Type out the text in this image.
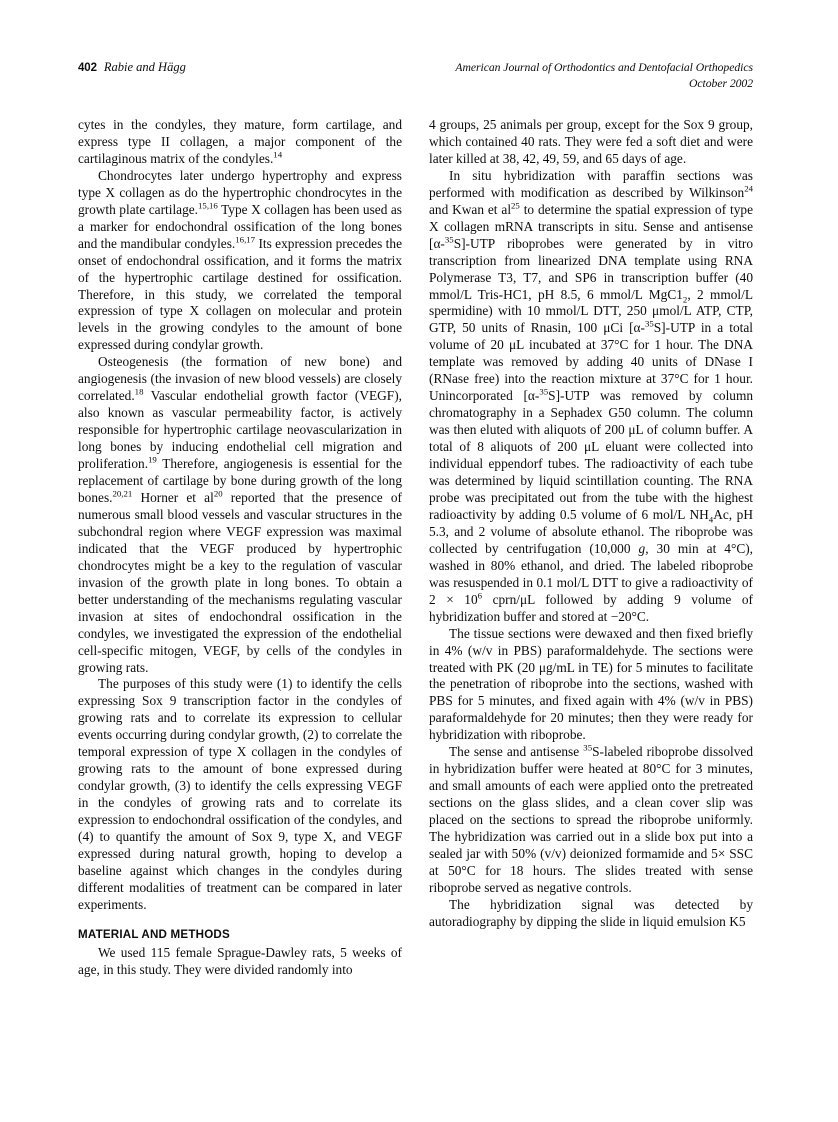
402 Rabie and Hägg	American Journal of Orthodontics and Dentofacial Orthopedics
October 2002

cytes in the condyles, they mature, form cartilage, and express type II collagen, a major component of the cartilaginous matrix of the condyles.$^{14}$

Chondrocytes later undergo hypertrophy and express type X collagen as do the hypertrophic chondrocytes in the growth plate cartilage.$^{15,16}$ Type X collagen has been used as a marker for endochondral ossification of the long bones and the mandibular condyles.$^{16,17}$ Its expression precedes the onset of endochondral ossification, and it forms the matrix of the hypertrophic cartilage destined for ossification. Therefore, in this study, we correlated the temporal expression of type X collagen on molecular and protein levels in the growing condyles to the amount of bone expressed during condylar growth.

Osteogenesis (the formation of new bone) and angiogenesis (the invasion of new blood vessels) are closely correlated.$^{18}$ Vascular endothelial growth factor (VEGF), also known as vascular permeability factor, is actively responsible for hypertrophic cartilage neovascularization in long bones by inducing endothelial cell migration and proliferation.$^{19}$ Therefore, angiogenesis is essential for the replacement of cartilage by bone during growth of the long bones.$^{20,21}$ Horner et $al^{20}$ reported that the presence of numerous small blood vessels and vascular structures in the subchondral region where VEGF expression was maximal indicated that the VEGF produced by hypertrophic chondrocytes might be a key to the regulation of vascular invasion of the growth plate in long bones. To obtain a better understanding of the mechanisms regulating vascular invasion at sites of endochondral ossification in the condyles, we investigated the expression of the endothelial cell-specific mitogen, VEGF, by cells of the condyles in growing rats.

The purposes of this study were (1) to identify the cells expressing Sox 9 transcription factor in the condyles of growing rats and to correlate its expression to cellular events occurring during condylar growth, (2) to correlate the temporal expression of type X collagen in the condyles of growing rats to the amount of bone expressed during condylar growth, (3) to identify the cells expressing VEGF in the condyles of growing rats and to correlate its expression to endochondral ossification of the condyles, and (4) to quantify the amount of Sox 9, type X, and VEGF expressed during natural growth, hoping to develop a baseline against which changes in the condyles during different modalities of treatment can be compared in later experiments.

MATERIAL AND METHODS

We used 115 female Sprague-Dawley rats, 5 weeks of age, in this study. They were divided randomly into

4 groups, 25 animals per group, except for the Sox 9 group, which contained 40 rats. They were fed a soft diet and were later killed at 38, 42, 49, 59, and 65 days of age.

In situ hybridization with paraffin sections was performed with modification as described by Wilkinson$^{24}$ and Kwan et $al^{25}$ to determine the spatial expression of type X collagen mRNA transcripts in situ. Sense and antisense [α-$^{35}$S]-UTP riboprobes were generated by in vitro transcription from linearized DNA template using RNA Polymerase T3, T7, and SP6 in transcription buffer (40 mmol/L Tris-HC1, pH 8.5, 6 mmol/L $MgC1_2$, 2 mmol/L spermidine) with 10 mmol/L DTT, 250 μmol/L ATP, CTP, GTP, 50 units of Rnasin, 100 μCi [α-$^{35}$S]-UTP in a total volume of 20 μL incubated at 37°C for 1 hour. The DNA template was removed by adding 40 units of DNase I (RNase free) into the reaction mixture at 37°C for 1 hour. Unincorporated [α-$^{35}$S]-UTP was removed by column chromatography in a Sephadex G50 column. The column was then eluted with aliquots of 200 μL of column buffer. A total of 8 aliquots of 200 μL eluant were collected into individual eppendorf tubes. The radioactivity of each tube was determined by liquid scintillation counting. The RNA probe was precipitated out from the tube with the highest radioactivity by adding 0.5 volume of 6 mol/L $NH_4Ac$, pH 5.3, and 2 volume of absolute ethanol. The riboprobe was collected by centrifugation (10,000 g, 30 min at 4°C), washed in 80% ethanol, and dried. The labeled riboprobe was resuspended in 0.1 mol/L DTT to give a radioactivity of $2 \times 10^6$ cprn/μL followed by adding 9 volume of hybridization buffer and stored at −20°C.

The tissue sections were dewaxed and then fixed briefly in 4% (w/v in PBS) paraformaldehyde. The sections were treated with PK (20 μg/mL in TE) for 5 minutes to facilitate the penetration of riboprobe into the sections, washed with PBS for 5 minutes, and fixed again with 4% (w/v in PBS) paraformaldehyde for 20 minutes; then they were ready for hybridization with riboprobe.

The sense and antisense $^{35}$S-labeled riboprobe dissolved in hybridization buffer were heated at 80°C for 3 minutes, and small amounts of each were applied onto the pretreated sections on the glass slides, and a clean cover slip was placed on the sections to spread the riboprobe uniformly. The hybridization was carried out in a slide box put into a sealed jar with 50% (v/v) deionized formamide and 5× SSC at 50°C for 18 hours. The slides treated with sense riboprobe served as negative controls.

The hybridization signal was detected by autoradiography by dipping the slide in liquid emulsion K5
